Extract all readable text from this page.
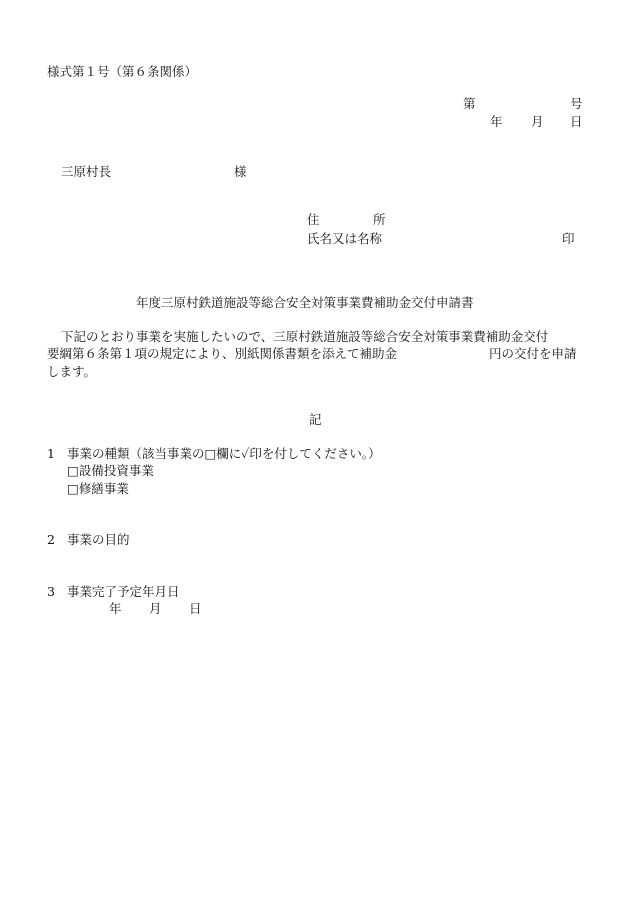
様式第１号（第６条関係）
第	号
年 月 日
三原村長	様
住	所
氏名又は名称	印
年度三原村鉄道施設等総合安全対策事業費補助金交付申請書
下記のとおり事業を実施したいので、三原村鉄道施設等総合安全対策事業費補助金交付
要綱第６条第１項の規定により、別紙関係書類を添えて補助金	円の交付を申請
します。
記
1 事業の種類（該当事業の□欄に✓印を付してください。）
□設備投資事業
□修繕事業
2 事業の目的
3 事業完了予定年月日
年 月 日
